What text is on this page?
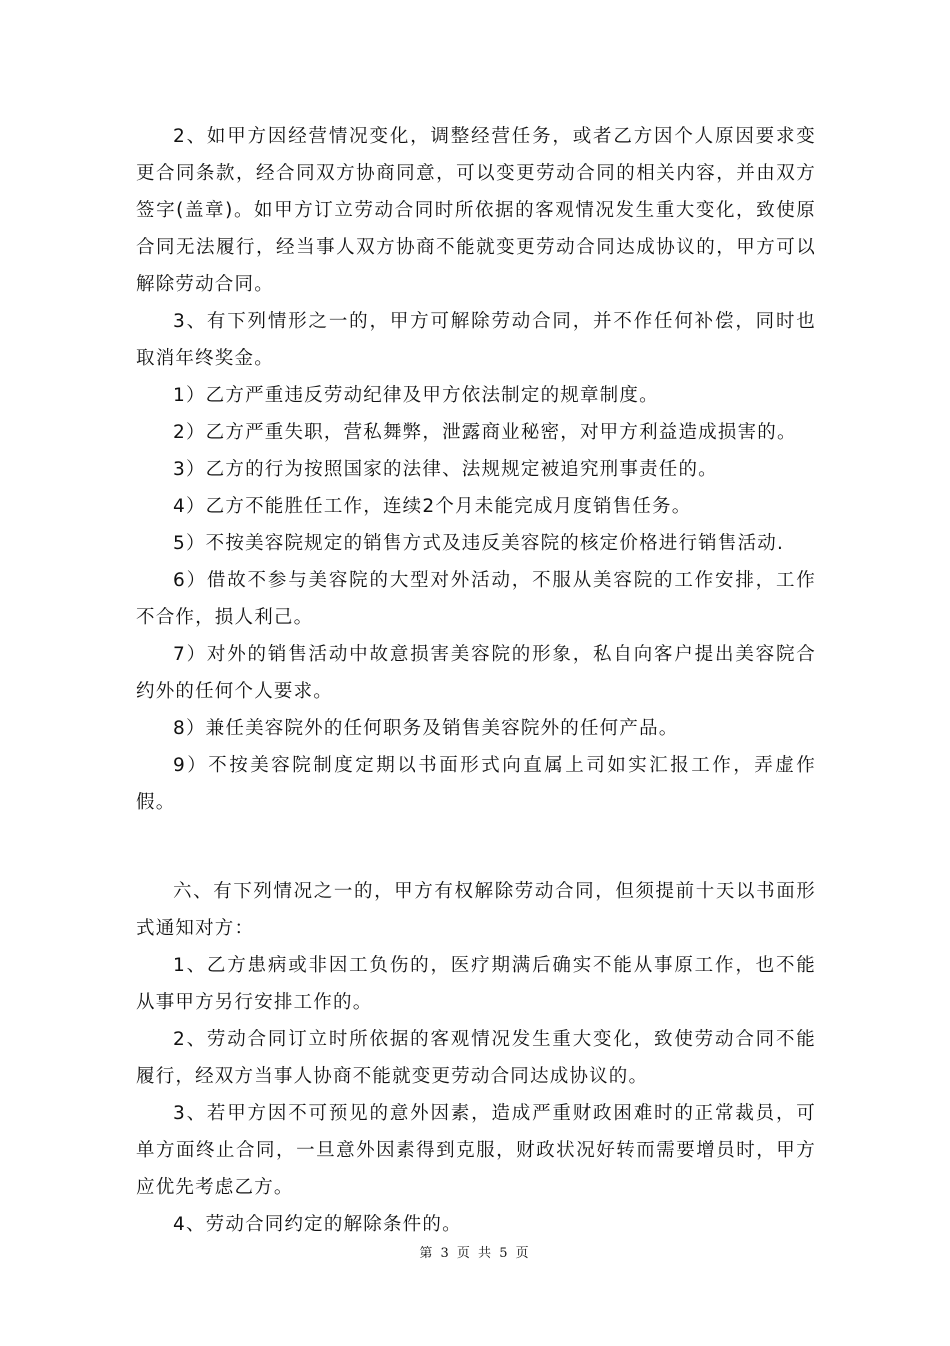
2、如甲方因经营情况变化，调整经营任务，或者乙方因个人原因要求变更合同条款，经合同双方协商同意，可以变更劳动合同的相关内容，并由双方签字(盖章)。如甲方订立劳动合同时所依据的客观情况发生重大变化，致使原合同无法履行，经当事人双方协商不能就变更劳动合同达成协议的，甲方可以解除劳动合同。

3、有下列情形之一的，甲方可解除劳动合同，并不作任何补偿，同时也取消年终奖金。

1）乙方严重违反劳动纪律及甲方依法制定的规章制度。

2）乙方严重失职，营私舞弊，泄露商业秘密，对甲方利益造成损害的。

3）乙方的行为按照国家的法律、法规规定被追究刑事责任的。

4）乙方不能胜任工作，连续2个月未能完成月度销售任务。

5）不按美容院规定的销售方式及违反美容院的核定价格进行销售活动.

6）借故不参与美容院的大型对外活动，不服从美容院的工作安排，工作不合作，损人利己。

7）对外的销售活动中故意损害美容院的形象，私自向客户提出美容院合约外的任何个人要求。

8）兼任美容院外的任何职务及销售美容院外的任何产品。

9）不按美容院制度定期以书面形式向直属上司如实汇报工作，弄虚作假。

六、有下列情况之一的，甲方有权解除劳动合同，但须提前十天以书面形式通知对方：

1、乙方患病或非因工负伤的，医疗期满后确实不能从事原工作，也不能从事甲方另行安排工作的。

2、劳动合同订立时所依据的客观情况发生重大变化，致使劳动合同不能履行，经双方当事人协商不能就变更劳动合同达成协议的。

3、若甲方因不可预见的意外因素，造成严重财政困难时的正常裁员，可单方面终止合同，一旦意外因素得到克服，财政状况好转而需要增员时，甲方应优先考虑乙方。

4、劳动合同约定的解除条件的。

第 3 页 共 5 页
